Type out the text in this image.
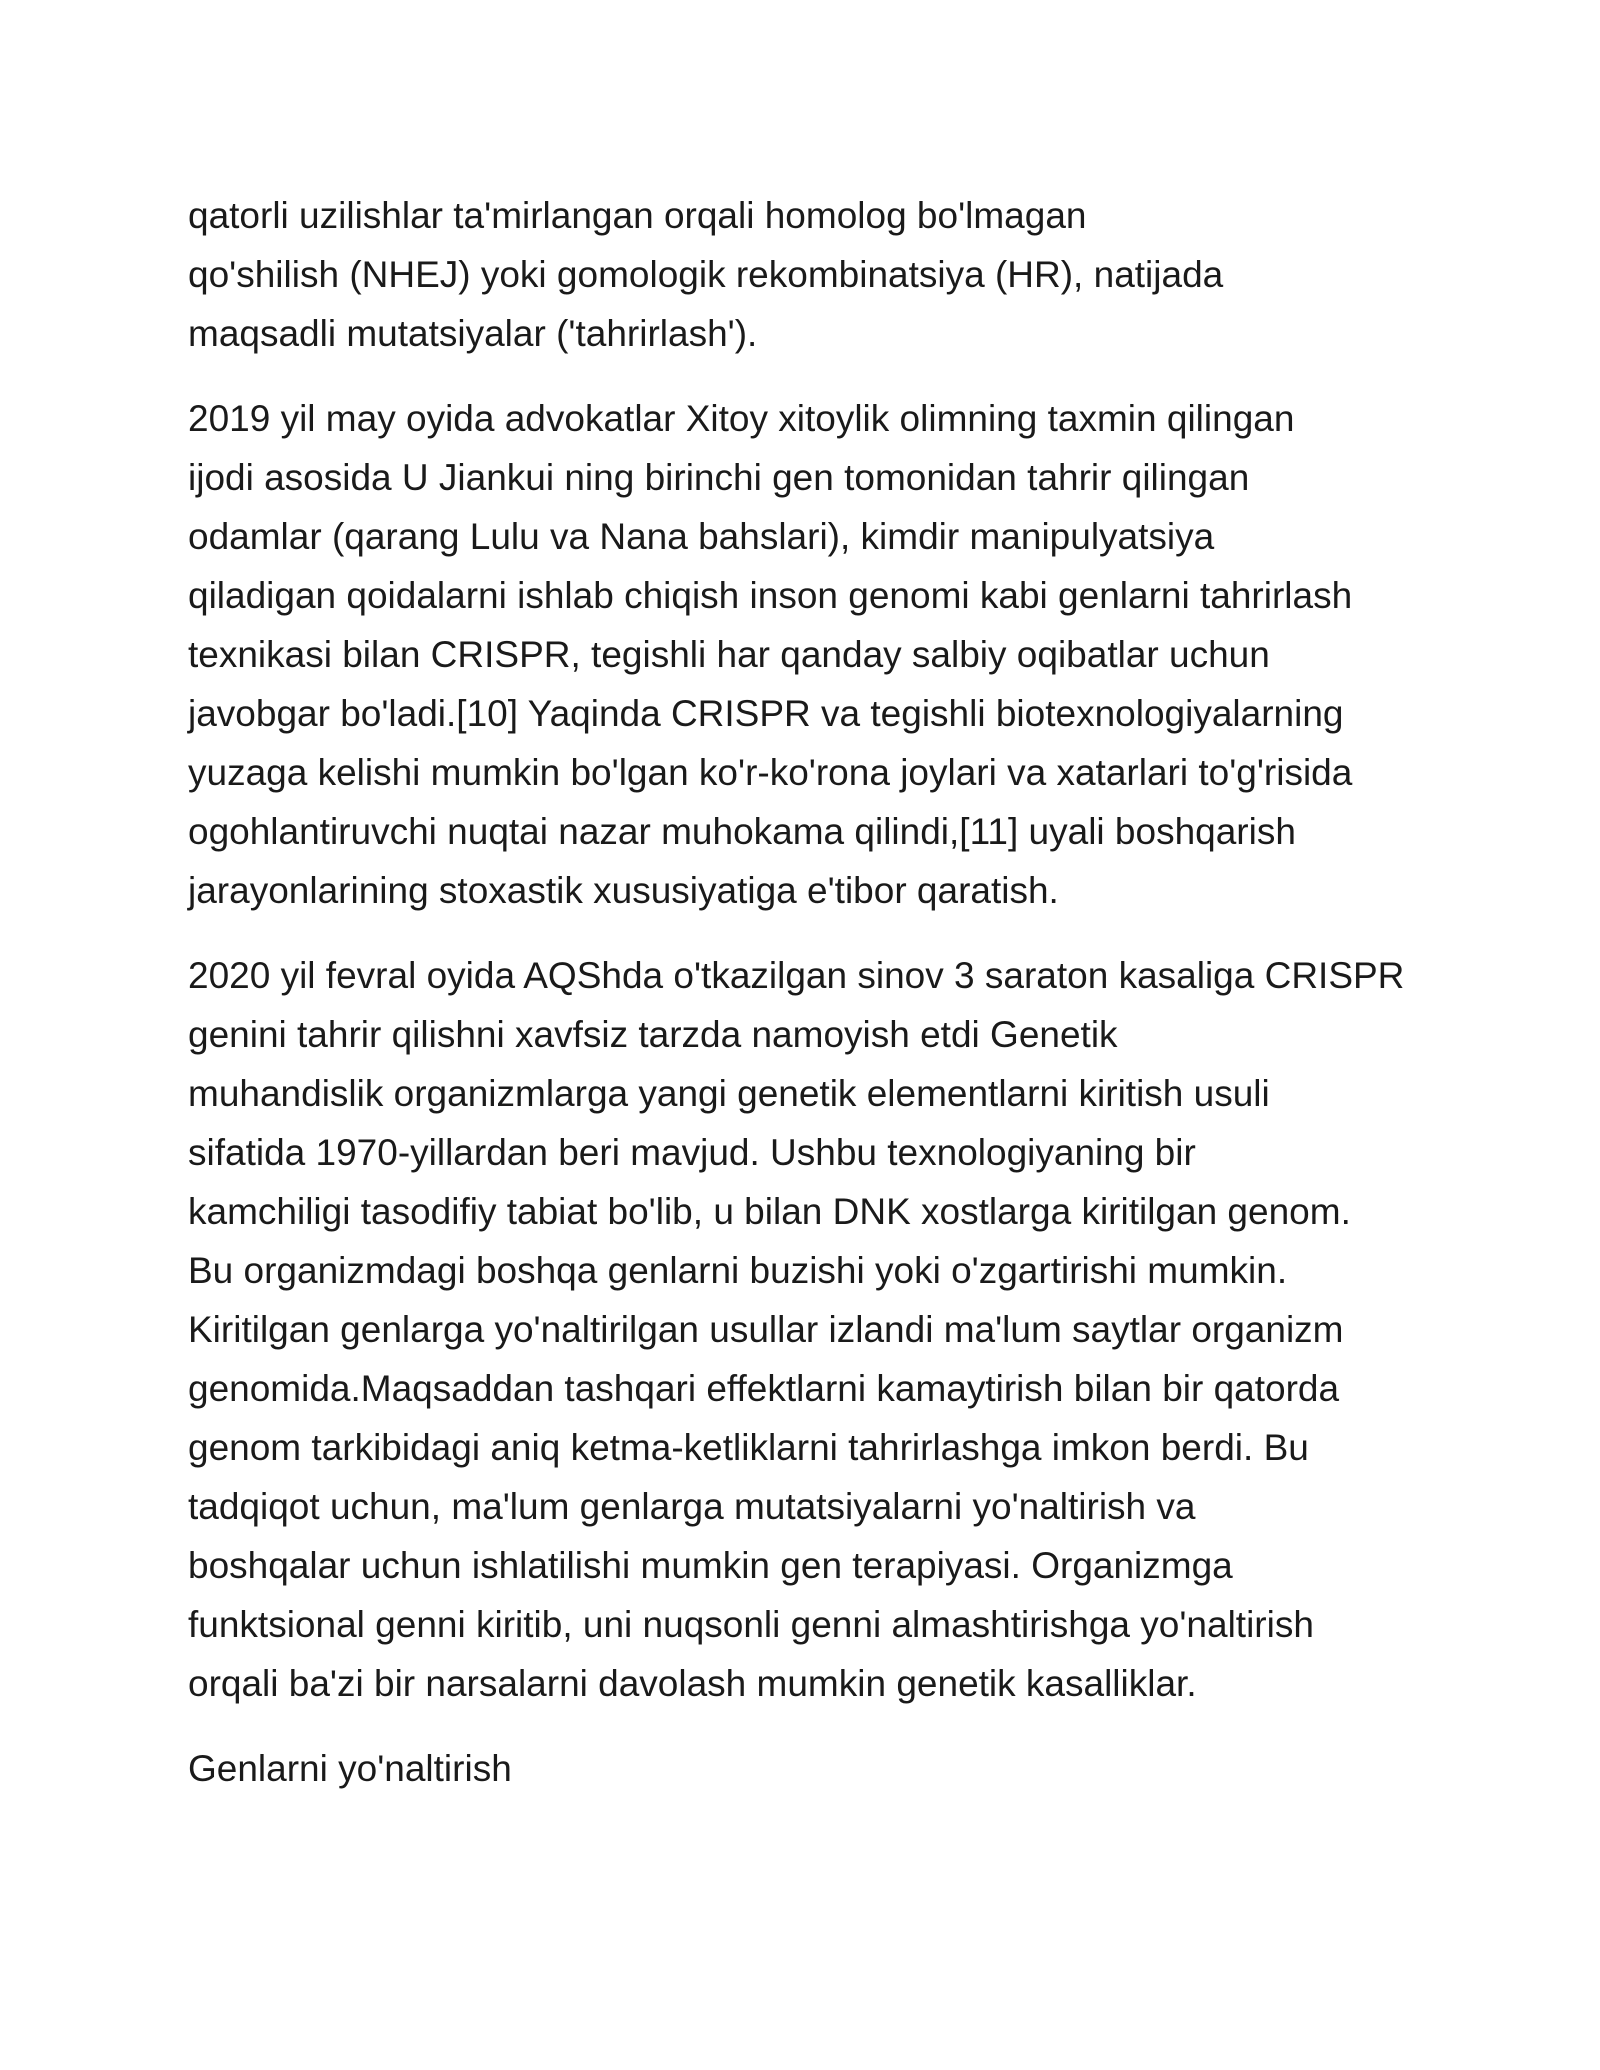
qatorli uzilishlar ta'mirlangan orqali homolog bo'lmagan
qo'shilish (NHEJ) yoki gomologik rekombinatsiya (HR), natijada
maqsadli mutatsiyalar ('tahrirlash').

2019 yil may oyida advokatlar Xitoy xitoylik olimning taxmin qilingan
ijodi asosida U Jiankui ning birinchi gen tomonidan tahrir qilingan
odamlar (qarang Lulu va Nana bahslari), kimdir manipulyatsiya
qiladigan qoidalarni ishlab chiqish inson genomi kabi genlarni tahrirlash
texnikasi bilan CRISPR, tegishli har qanday salbiy oqibatlar uchun
javobgar bo'ladi.[10] Yaqinda CRISPR va tegishli biotexnologiyalarning
yuzaga kelishi mumkin bo'lgan ko'r-ko'rona joylari va xatarlari to'g'risida
ogohlantiruvchi nuqtai nazar muhokama qilindi,[11] uyali boshqarish
jarayonlarining stoxastik xususiyatiga e'tibor qaratish.

2020 yil fevral oyida AQShda o'tkazilgan sinov 3 saraton kasaliga CRISPR
genini tahrir qilishni xavfsiz tarzda namoyish etdi Genetik
muhandislik organizmlarga yangi genetik elementlarni kiritish usuli
sifatida 1970-yillardan beri mavjud. Ushbu texnologiyaning bir
kamchiligi tasodifiy tabiat bo'lib, u bilan DNK xostlarga kiritilgan genom.
Bu organizmdagi boshqa genlarni buzishi yoki o'zgartirishi mumkin.
Kiritilgan genlarga yo'naltirilgan usullar izlandi ma'lum saytlar organizm
genomida.Maqsaddan tashqari effektlarni kamaytirish bilan bir qatorda
genom tarkibidagi aniq ketma-ketliklarni tahrirlashga imkon berdi. Bu
tadqiqot uchun, ma'lum genlarga mutatsiyalarni yo'naltirish va
boshqalar uchun ishlatilishi mumkin gen terapiyasi. Organizmga
funktsional genni kiritib, uni nuqsonli genni almashtirishga yo'naltirish
orqali ba'zi bir narsalarni davolash mumkin genetik kasalliklar.

Genlarni yo'naltirish
